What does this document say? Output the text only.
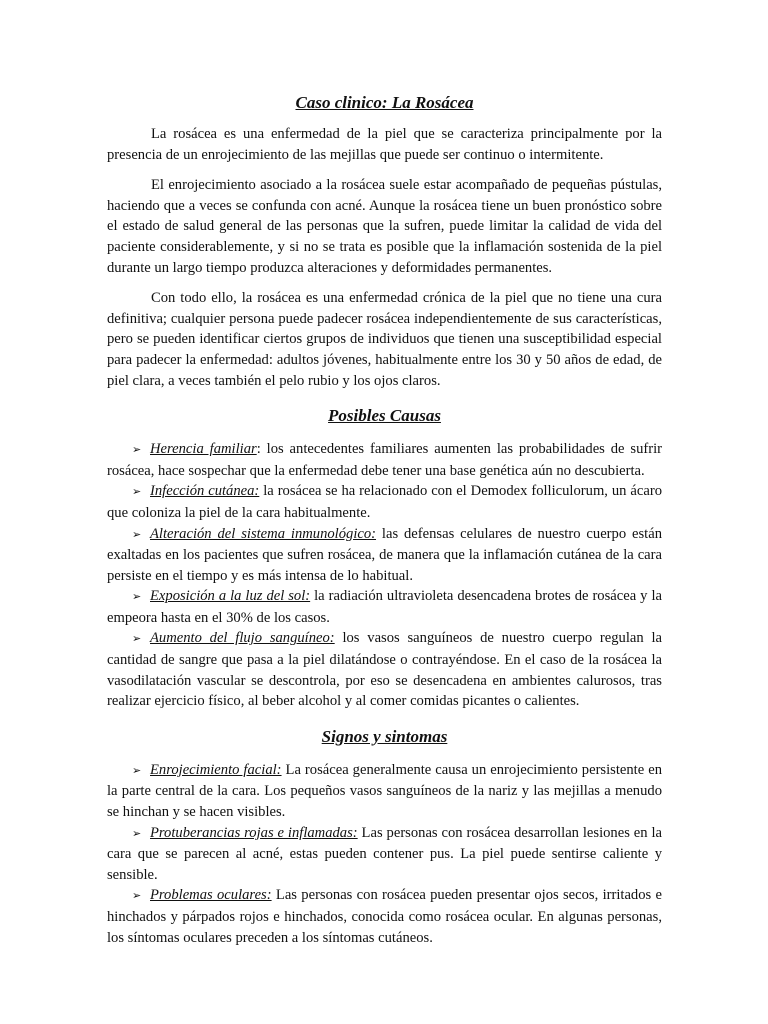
Caso clinico: La Rosácea

La rosácea es una enfermedad de la piel que se caracteriza principalmente por la presencia de un enrojecimiento de las mejillas que puede ser continuo o intermitente.

El enrojecimiento asociado a la rosácea suele estar acompañado de pequeñas pústulas, haciendo que a veces se confunda con acné. Aunque la rosácea tiene un buen pronóstico sobre el estado de salud general de las personas que la sufren, puede limitar la calidad de vida del paciente considerablemente, y si no se trata es posible que la inflamación sostenida de la piel durante un largo tiempo produzca alteraciones y deformidades permanentes.

Con todo ello, la rosácea es una enfermedad crónica de la piel que no tiene una cura definitiva; cualquier persona puede padecer rosácea independientemente de sus características, pero se pueden identificar ciertos grupos de individuos que tienen una susceptibilidad especial para padecer la enfermedad: adultos jóvenes, habitualmente entre los 30 y 50 años de edad, de piel clara, a veces también el pelo rubio y los ojos claros.

Posibles Causas

➢ Herencia familiar: los antecedentes familiares aumenten las probabilidades de sufrir rosácea, hace sospechar que la enfermedad debe tener una base genética aún no descubierta.

➢ Infección cutánea: la rosácea se ha relacionado con el Demodex folliculorum, un ácaro que coloniza la piel de la cara habitualmente.

➢ Alteración del sistema inmunológico: las defensas celulares de nuestro cuerpo están exaltadas en los pacientes que sufren rosácea, de manera que la inflamación cutánea de la cara persiste en el tiempo y es más intensa de lo habitual.

➢ Exposición a la luz del sol: la radiación ultravioleta desencadena brotes de rosácea y la empeora hasta en el 30% de los casos.

➢ Aumento del flujo sanguíneo: los vasos sanguíneos de nuestro cuerpo regulan la cantidad de sangre que pasa a la piel dilatándose o contrayéndose. En el caso de la rosácea la vasodilatación vascular se descontrola, por eso se desencadena en ambientes calurosos, tras realizar ejercicio físico, al beber alcohol y al comer comidas picantes o calientes.

Signos y sintomas

➢ Enrojecimiento facial: La rosácea generalmente causa un enrojecimiento persistente en la parte central de la cara. Los pequeños vasos sanguíneos de la nariz y las mejillas a menudo se hinchan y se hacen visibles.

➢ Protuberancias rojas e inflamadas: Las personas con rosácea desarrollan lesiones en la cara que se parecen al acné, estas pueden contener pus. La piel puede sentirse caliente y sensible.

➢ Problemas oculares: Las personas con rosácea pueden presentar ojos secos, irritados e hinchados y párpados rojos e hinchados, conocida como rosácea ocular. En algunas personas, los síntomas oculares preceden a los síntomas cutáneos.
